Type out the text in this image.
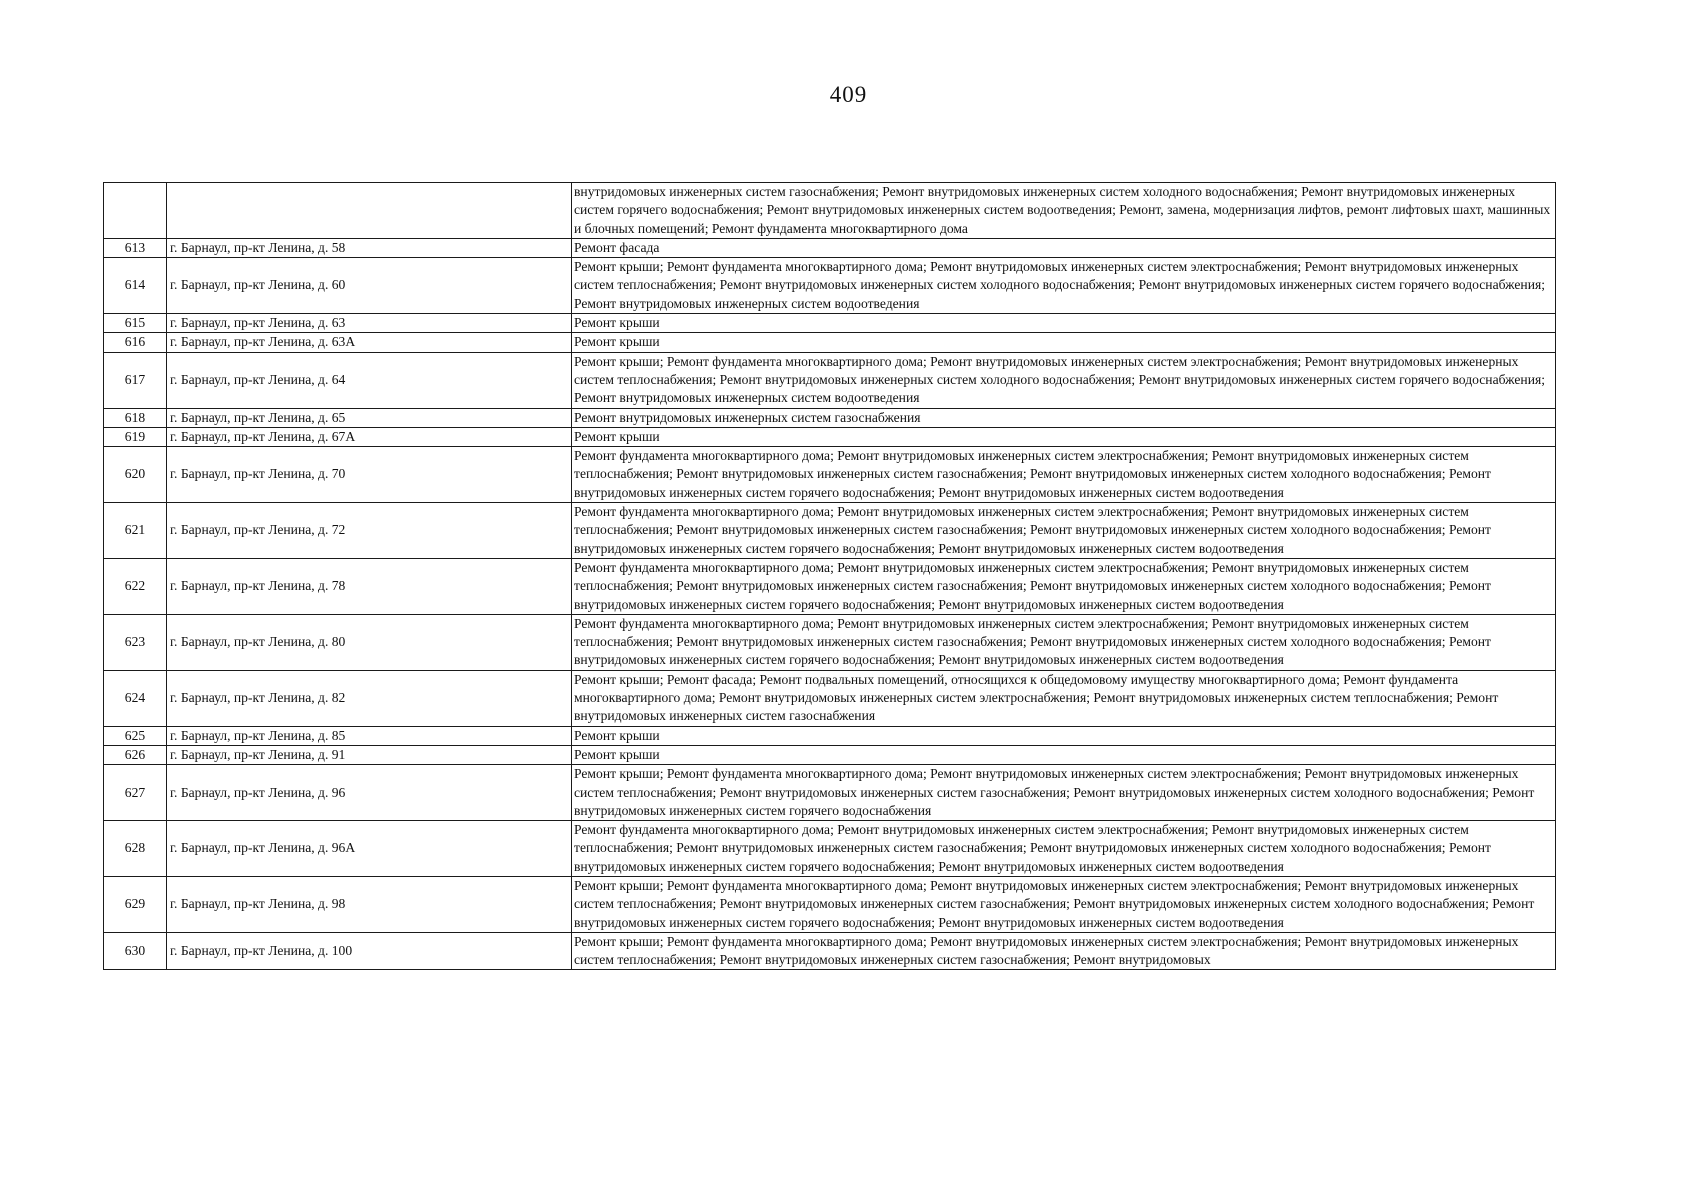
409
		внутридомовых инженерных систем газоснабжения; Ремонт внутридомовых инженерных систем холодного водоснабжения; Ремонт внутридомовых инженерных систем горячего водоснабжения; Ремонт внутридомовых инженерных систем водоотведения; Ремонт, замена, модернизация лифтов, ремонт лифтовых шахт, машинных и блочных помещений; Ремонт фундамента многоквартирного дома
613	г. Барнаул, пр-кт Ленина, д. 58	Ремонт фасада
614	г. Барнаул, пр-кт Ленина, д. 60	Ремонт крыши; Ремонт фундамента многоквартирного дома; Ремонт внутридомовых инженерных систем электроснабжения; Ремонт внутридомовых инженерных систем теплоснабжения; Ремонт внутридомовых инженерных систем холодного водоснабжения; Ремонт внутридомовых инженерных систем горячего водоснабжения; Ремонт внутридомовых инженерных систем водоотведения
615	г. Барнаул, пр-кт Ленина, д. 63	Ремонт крыши
616	г. Барнаул, пр-кт Ленина, д. 63А	Ремонт крыши
617	г. Барнаул, пр-кт Ленина, д. 64	Ремонт крыши; Ремонт фундамента многоквартирного дома; Ремонт внутридомовых инженерных систем электроснабжения; Ремонт внутридомовых инженерных систем теплоснабжения; Ремонт внутридомовых инженерных систем холодного водоснабжения; Ремонт внутридомовых инженерных систем горячего водоснабжения; Ремонт внутридомовых инженерных систем водоотведения
618	г. Барнаул, пр-кт Ленина, д. 65	Ремонт внутридомовых инженерных систем газоснабжения
619	г. Барнаул, пр-кт Ленина, д. 67А	Ремонт крыши
620	г. Барнаул, пр-кт Ленина, д. 70	Ремонт фундамента многоквартирного дома; Ремонт внутридомовых инженерных систем электроснабжения; Ремонт внутридомовых инженерных систем теплоснабжения; Ремонт внутридомовых инженерных систем газоснабжения; Ремонт внутридомовых инженерных систем холодного водоснабжения; Ремонт внутридомовых инженерных систем горячего водоснабжения; Ремонт внутридомовых инженерных систем водоотведения
621	г. Барнаул, пр-кт Ленина, д. 72	Ремонт фундамента многоквартирного дома; Ремонт внутридомовых инженерных систем электроснабжения; Ремонт внутридомовых инженерных систем теплоснабжения; Ремонт внутридомовых инженерных систем газоснабжения; Ремонт внутридомовых инженерных систем холодного водоснабжения; Ремонт внутридомовых инженерных систем горячего водоснабжения; Ремонт внутридомовых инженерных систем водоотведения
622	г. Барнаул, пр-кт Ленина, д. 78	Ремонт фундамента многоквартирного дома; Ремонт внутридомовых инженерных систем электроснабжения; Ремонт внутридомовых инженерных систем теплоснабжения; Ремонт внутридомовых инженерных систем газоснабжения; Ремонт внутридомовых инженерных систем холодного водоснабжения; Ремонт внутридомовых инженерных систем горячего водоснабжения; Ремонт внутридомовых инженерных систем водоотведения
623	г. Барнаул, пр-кт Ленина, д. 80	Ремонт фундамента многоквартирного дома; Ремонт внутридомовых инженерных систем электроснабжения; Ремонт внутридомовых инженерных систем теплоснабжения; Ремонт внутридомовых инженерных систем газоснабжения; Ремонт внутридомовых инженерных систем холодного водоснабжения; Ремонт внутридомовых инженерных систем горячего водоснабжения; Ремонт внутридомовых инженерных систем водоотведения
624	г. Барнаул, пр-кт Ленина, д. 82	Ремонт крыши; Ремонт фасада; Ремонт подвальных помещений, относящихся к общедомовому имуществу многоквартирного дома; Ремонт фундамента многоквартирного дома; Ремонт внутридомовых инженерных систем электроснабжения; Ремонт внутридомовых инженерных систем теплоснабжения; Ремонт внутридомовых инженерных систем газоснабжения
625	г. Барнаул, пр-кт Ленина, д. 85	Ремонт крыши
626	г. Барнаул, пр-кт Ленина, д. 91	Ремонт крыши
627	г. Барнаул, пр-кт Ленина, д. 96	Ремонт крыши; Ремонт фундамента многоквартирного дома; Ремонт внутридомовых инженерных систем электроснабжения; Ремонт внутридомовых инженерных систем теплоснабжения; Ремонт внутридомовых инженерных систем газоснабжения; Ремонт внутридомовых инженерных систем холодного водоснабжения; Ремонт внутридомовых инженерных систем горячего водоснабжения
628	г. Барнаул, пр-кт Ленина, д. 96А	Ремонт фундамента многоквартирного дома; Ремонт внутридомовых инженерных систем электроснабжения; Ремонт внутридомовых инженерных систем теплоснабжения; Ремонт внутридомовых инженерных систем газоснабжения; Ремонт внутридомовых инженерных систем холодного водоснабжения; Ремонт внутридомовых инженерных систем горячего водоснабжения; Ремонт внутридомовых инженерных систем водоотведения
629	г. Барнаул, пр-кт Ленина, д. 98	Ремонт крыши; Ремонт фундамента многоквартирного дома; Ремонт внутридомовых инженерных систем электроснабжения; Ремонт внутридомовых инженерных систем теплоснабжения; Ремонт внутридомовых инженерных систем газоснабжения; Ремонт внутридомовых инженерных систем холодного водоснабжения; Ремонт внутридомовых инженерных систем горячего водоснабжения; Ремонт внутридомовых инженерных систем водоотведения
630	г. Барнаул, пр-кт Ленина, д. 100	Ремонт крыши; Ремонт фундамента многоквартирного дома; Ремонт внутридомовых инженерных систем электроснабжения; Ремонт внутридомовых инженерных систем теплоснабжения; Ремонт внутридомовых инженерных систем газоснабжения; Ремонт внутридомовых
